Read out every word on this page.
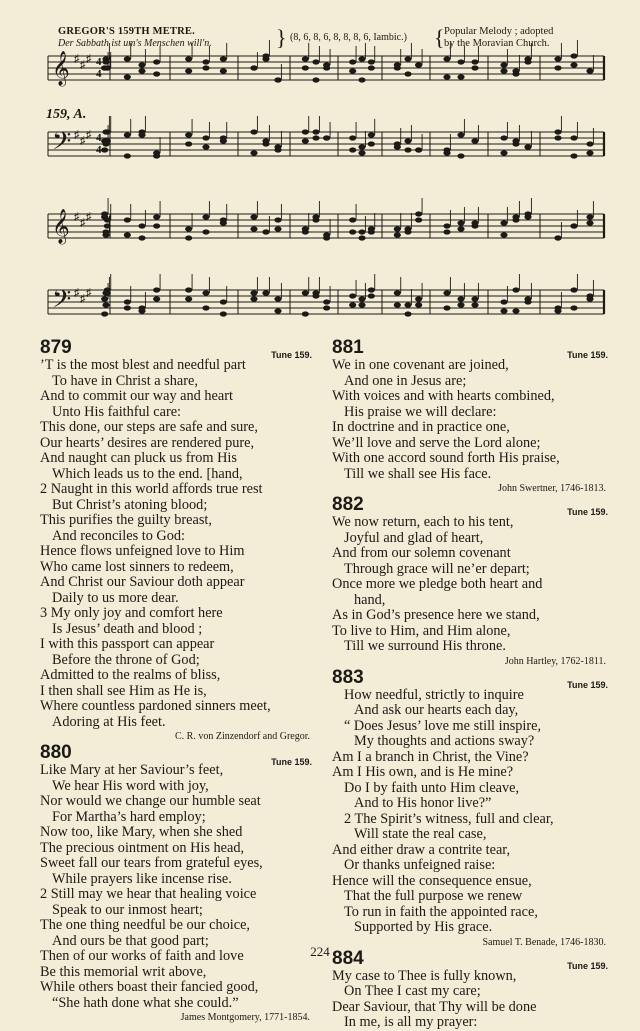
GREGOR'S 159TH METRE.
Der Sabbath ist um's Menschen will'n.	} (8, 6, 8, 6, 8, 8, 8, 6, Iambic.) { Popular Melody ; adopted
by the Moravian Church.
159, A.
𝄞 ♯ ♯ ♯ 4
4
𝄢 ♯ ♯ ♯ 4
4
𝄞 ♯ ♯ ♯
𝄢 ♯ ♯ ♯
879	Tune 159.
’T is the most blest and needful part
To have in Christ a share,
And to commit our way and heart
Unto His faithful care:
This done, our steps are safe and sure,
Our hearts’ desires are rendered pure,
And naught can pluck us from His
Which leads us to the end. [hand,
2 Naught in this world affords true rest
But Christ’s atoning blood;
This purifies the guilty breast,
And reconciles to God:
Hence flows unfeigned love to Him
Who came lost sinners to redeem,
And Christ our Saviour doth appear
Daily to us more dear.
3 My only joy and comfort here
Is Jesus’ death and blood ;
I with this passport can appear
Before the throne of God;
Admitted to the realms of bliss,
I then shall see Him as He is,
Where countless pardoned sinners meet,
Adoring at His feet.
C. R. von Zinzendorf and Gregor.
880	Tune 159.
Like Mary at her Saviour’s feet,
We hear His word with joy,
Nor would we change our humble seat
For Martha’s hard employ;
Now too, like Mary, when she shed
The precious ointment on His head,
Sweet fall our tears from grateful eyes,
While prayers like incense rise.
2 Still may we hear that healing voice
Speak to our inmost heart;
The one thing needful be our choice,
And ours be that good part;
Then of our works of faith and love
Be this memorial writ above,
While others boast their fancied good,
“She hath done what she could.”
James Montgomery, 1771-1854.
881	Tune 159.
We in one covenant are joined,
And one in Jesus are;
With voices and with hearts combined,
His praise we will declare:
In doctrine and in practice one,
We’ll love and serve the Lord alone;
With one accord sound forth His praise,
Till we shall see His face.
John Swertner, 1746-1813.
882	Tune 159.
We now return, each to his tent,
Joyful and glad of heart,
And from our solemn covenant
Through grace will ne’er depart;
Once more we pledge both heart and
hand,
As in God’s presence here we stand,
To live to Him, and Him alone,
Till we surround His throne.
John Hartley, 1762-1811.
883	Tune 159.
How needful, strictly to inquire
And ask our hearts each day,
“ Does Jesus’ love me still inspire,
My thoughts and actions sway?
Am I a branch in Christ, the Vine?
Am I His own, and is He mine?
Do I by faith unto Him cleave,
And to His honor live?”
2 The Spirit’s witness, full and clear,
Will state the real case,
And either draw a contrite tear,
Or thanks unfeigned raise:
Hence will the consequence ensue,
That the full purpose we renew
To run in faith the appointed race,
Supported by His grace.
Samuel T. Benade, 1746-1830.
884	Tune 159.
My case to Thee is fully known,
On Thee I cast my care;
Dear Saviour, that Thy will be done
In me, is all my prayer:
224
